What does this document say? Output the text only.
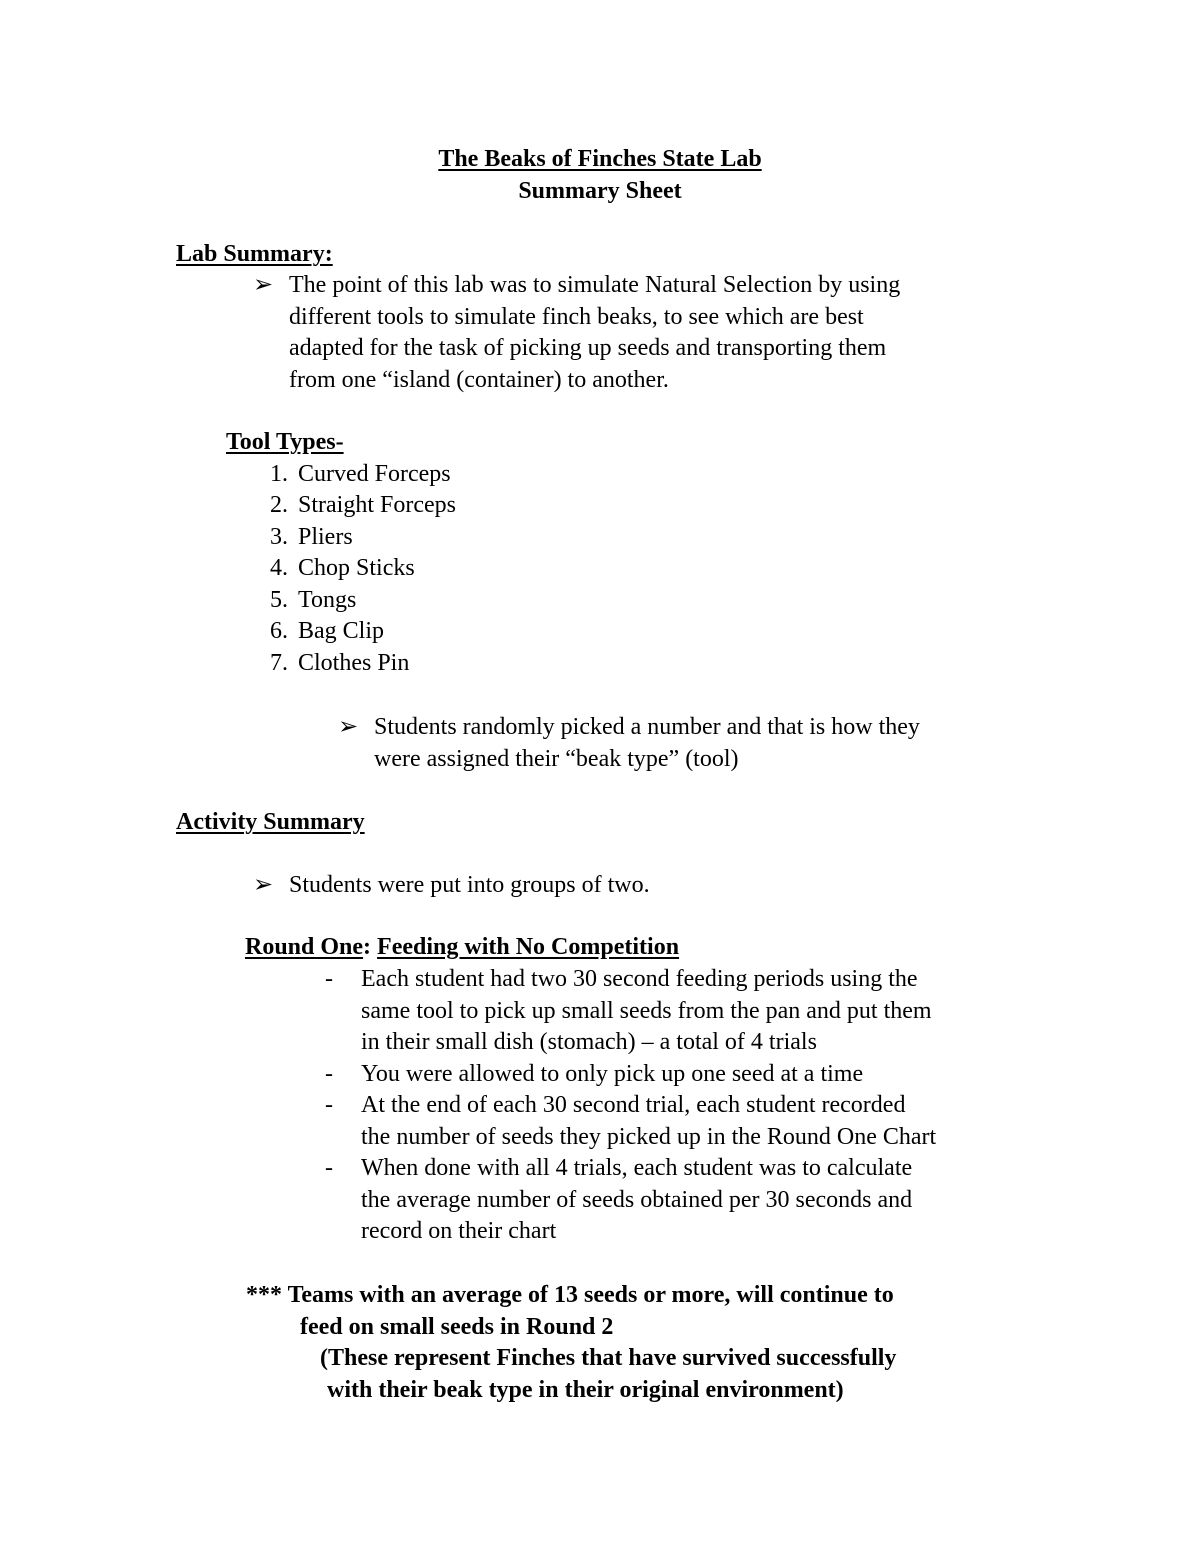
The Beaks of Finches State Lab
Summary Sheet
Lab Summary:
➢ The point of this lab was to simulate Natural Selection by using
different tools to simulate finch beaks, to see which are best
adapted for the task of picking up seeds and transporting them
from one “island (container) to another.
Tool Types-
1. Curved Forceps
2. Straight Forceps
3. Pliers
4. Chop Sticks
5. Tongs
6. Bag Clip
7. Clothes Pin
➢ Students randomly picked a number and that is how they
were assigned their “beak type” (tool)
Activity Summary
➢ Students were put into groups of two.
Round One: Feeding with No Competition
- Each student had two 30 second feeding periods using the
same tool to pick up small seeds from the pan and put them
in their small dish (stomach) – a total of 4 trials
- You were allowed to only pick up one seed at a time
- At the end of each 30 second trial, each student recorded
the number of seeds they picked up in the Round One Chart
- When done with all 4 trials, each student was to calculate
the average number of seeds obtained per 30 seconds and
record on their chart
*** Teams with an average of 13 seeds or more, will continue to
feed on small seeds in Round 2
(These represent Finches that have survived successfully
with their beak type in their original environment)
